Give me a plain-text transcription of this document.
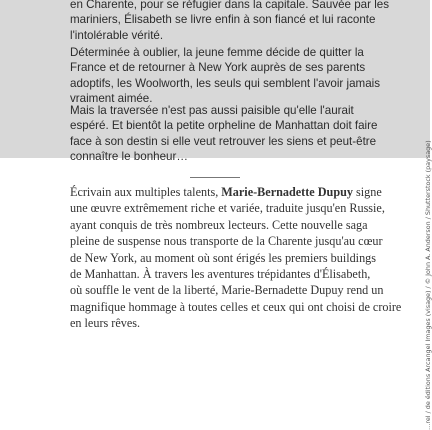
en Charente, pour se réfugier dans la capitale. Sauvée par les
mariniers, Élisabeth se livre enfin à son fiancé et lui raconte
l'intolérable vérité.

Déterminée à oublier, la jeune femme décide de quitter la
France et de retourner à New York auprès de ses parents
adoptifs, les Woolworth, les seuls qui semblent l'avoir jamais
vraiment aimée.

Mais la traversée n'est pas aussi paisible qu'elle l'aurait
espéré. Et bientôt la petite orpheline de Manhattan doit faire
face à son destin si elle veut retrouver les siens et peut-être
connaître le bonheur…

Écrivain aux multiples talents, Marie-Bernadette Dupuy signe
une œuvre extrêmement riche et variée, traduite jusqu'en Russie,
ayant conquis de très nombreux lecteurs. Cette nouvelle saga
pleine de suspense nous transporte de la Charente jusqu'au cœur
de New York, au moment où sont érigés les premiers buildings
de Manhattan. À travers les aventures trépidantes d'Élisabeth,
où souffle le vent de la liberté, Marie-Bernadette Dupuy rend un
magnifique hommage à toutes celles et ceux qui ont choisi de croire
en leurs rêves.	…rel / de éditions Arcangel Images (visage) / © John A. Anderson / Shutterstock (paysage)
